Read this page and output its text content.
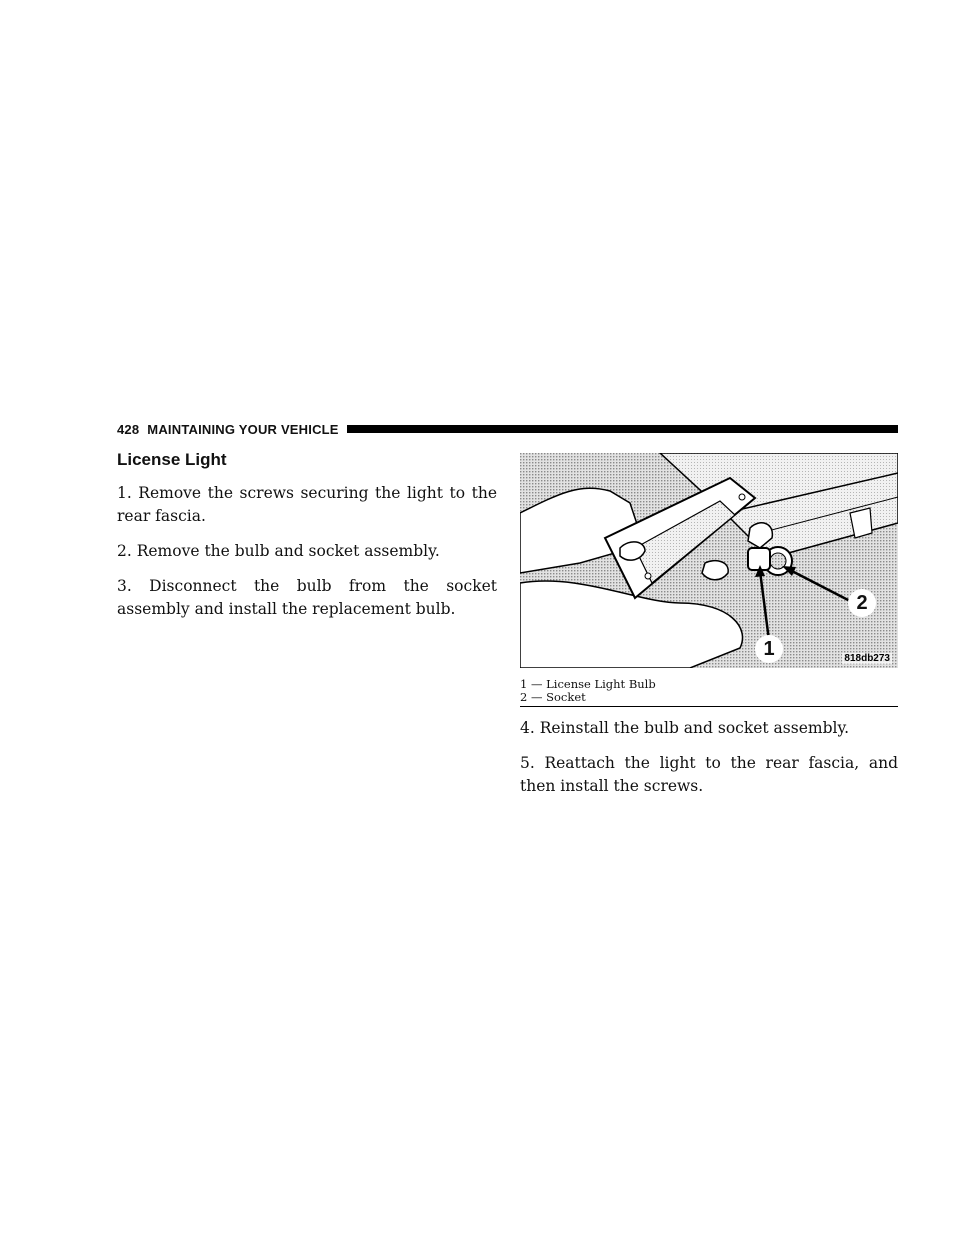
428 MAINTAINING YOUR VEHICLE
License Light

1. Remove the screws securing the light to the rear fascia.

2. Remove the bulb and socket assembly.

3. Disconnect the bulb from the socket assembly and install the replacement bulb.

1
2
818db273
1 — License Light Bulb
2 — Socket

4. Reinstall the bulb and socket assembly.

5. Reattach the light to the rear fascia, and then install the screws.
